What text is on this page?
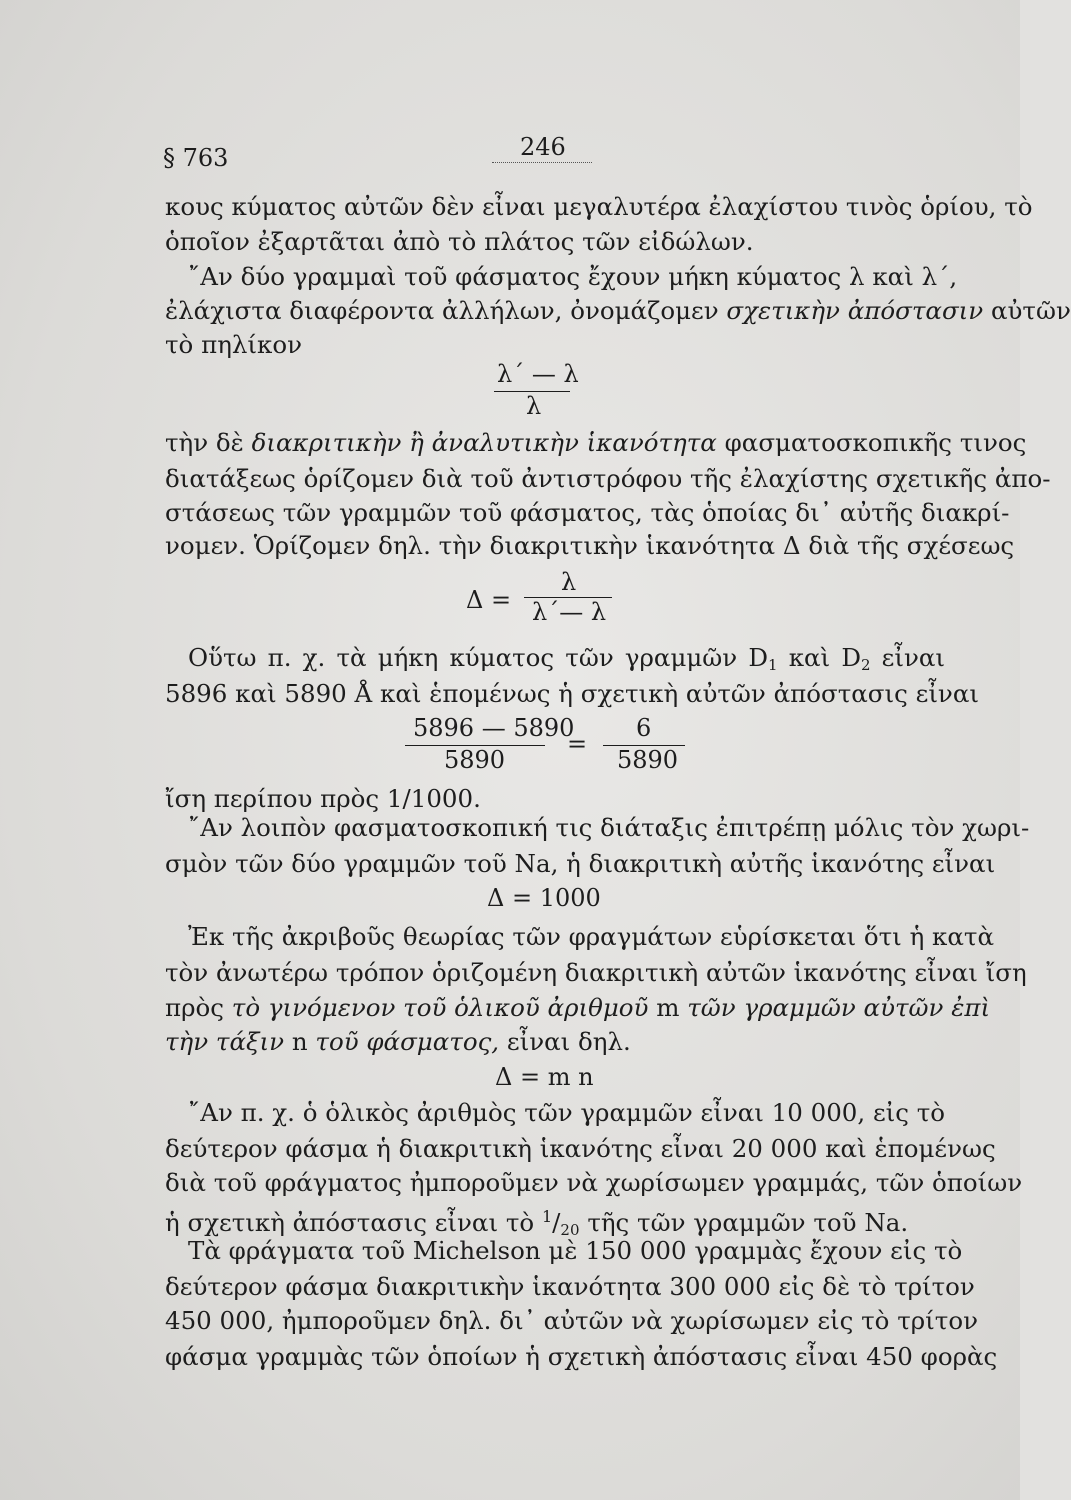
§ 763	246

κους κύματος αὐτῶν δὲν εἶναι μεγαλυτέρα ἐλαχίστου τινὸς ὁρίου, τὸ

ὁποῖον ἐξαρτᾶται ἀπὸ τὸ πλάτος τῶν εἰδώλων.

῎Αν δύο γραμμαὶ τοῦ φάσματος ἔχουν μήκη κύματος λ καὶ λ΄,

ἐλάχιστα διαφέροντα ἀλλήλων, ὀνομάζομεν σχετικὴν ἀπόστασιν αὐτῶν

τὸ πηλίκον

λ΄ — λ
λ

τὴν δὲ διακριτικὴν ἢ ἀναλυτικὴν ἱκανότητα φασματοσκοπικῆς τινος

διατάξεως ὁρίζομεν διὰ τοῦ ἀντιστρόφου τῆς ἐλαχίστης σχετικῆς ἀπο-

στάσεως τῶν γραμμῶν τοῦ φάσματος, τὰς ὁποίας δι᾽ αὐτῆς διακρί-

νομεν. Ὁρίζομεν δηλ. τὴν διακριτικὴν ἱκανότητα Δ διὰ τῆς σχέσεως

Δ =
λ
λ΄— λ

Οὕτω π. χ. τὰ μήκη κύματος τῶν γραμμῶν $D_1$ καὶ $D_2$ εἶναι

5896 καὶ 5890 Å καὶ ἑπομένως ἡ σχετικὴ αὐτῶν ἀπόστασις εἶναι

5896 — 5890
5890
=
6
5890

ἴση περίπου πρὸς 1/1000.

῎Αν λοιπὸν φασματοσκοπική τις διάταξις ἐπιτρέπῃ μόλις τὸν χωρι-

σμὸν τῶν δύο γραμμῶν τοῦ Na, ἡ διακριτικὴ αὐτῆς ἱκανότης εἶναι

Δ = 1000

Ἐκ τῆς ἀκριβοῦς θεωρίας τῶν φραγμάτων εὑρίσκεται ὅτι ἡ κατὰ

τὸν ἀνωτέρω τρόπον ὁριζομένη διακριτικὴ αὐτῶν ἱκανότης εἶναι ἴση

πρὸς τὸ γινόμενον τοῦ ὁλικοῦ ἀριθμοῦ m τῶν γραμμῶν αὐτῶν ἐπὶ

τὴν τάξιν n τοῦ φάσματος, εἶναι δηλ.

Δ = m n

῎Αν π. χ. ὁ ὁλικὸς ἀριθμὸς τῶν γραμμῶν εἶναι 10 000, εἰς τὸ

δεύτερον φάσμα ἡ διακριτικὴ ἱκανότης εἶναι 20 000 καὶ ἑπομένως

διὰ τοῦ φράγματος ἠμποροῦμεν νὰ χωρίσωμεν γραμμάς, τῶν ὁποίων

ἡ σχετικὴ ἀπόστασις εἶναι τὸ $^1/_{20}$ τῆς τῶν γραμμῶν τοῦ Na.

Τὰ φράγματα τοῦ Michelson μὲ 150 000 γραμμὰς ἔχουν εἰς τὸ

δεύτερον φάσμα διακριτικὴν ἱκανότητα 300 000 εἰς δὲ τὸ τρίτον

450 000, ἠμποροῦμεν δηλ. δι᾽ αὐτῶν νὰ χωρίσωμεν εἰς τὸ τρίτον

φάσμα γραμμὰς τῶν ὁποίων ἡ σχετικὴ ἀπόστασις εἶναι 450 φορὰς
